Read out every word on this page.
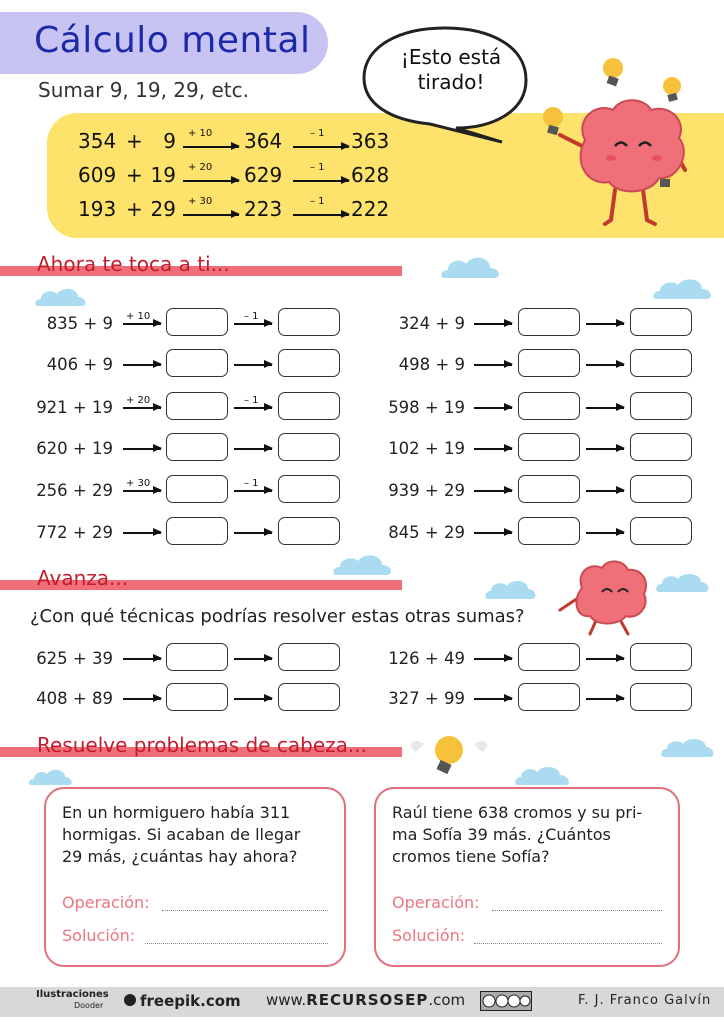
Cálculo mental
Sumar 9, 19, 29, etc.
354 + 9 + 10 364	– 1 363
609 + 19 + 20 629	– 1 628
193 + 29 + 30 223	– 1 222
¡Esto está
tirado!
Ahora te toca a ti...
835 + 9 + 10	– 1
406 + 9
921 + 19 + 20	– 1
620 + 19
256 + 29 + 30	– 1
772 + 29
324 + 9
498 + 9
598 + 19
102 + 19
939 + 29
845 + 29
Avanza...
¿Con qué técnicas podrías resolver estas otras sumas?
625 + 39
408 + 89
126 + 49
327 + 99
Resuelve problemas de cabeza...
En un hormiguero había 311
hormigas. Si acaban de llegar
29 más, ¿cuántas hay ahora?
Operación:
Solución:
Raúl tiene 638 cromos y su pri-
ma Sofía 39 más. ¿Cuántos
cromos tiene Sofía?
Operación:
Solución:
Ilustraciones
Dooder freepik.com www.RECURSOSEP.com	F. J. Franco Galvín
